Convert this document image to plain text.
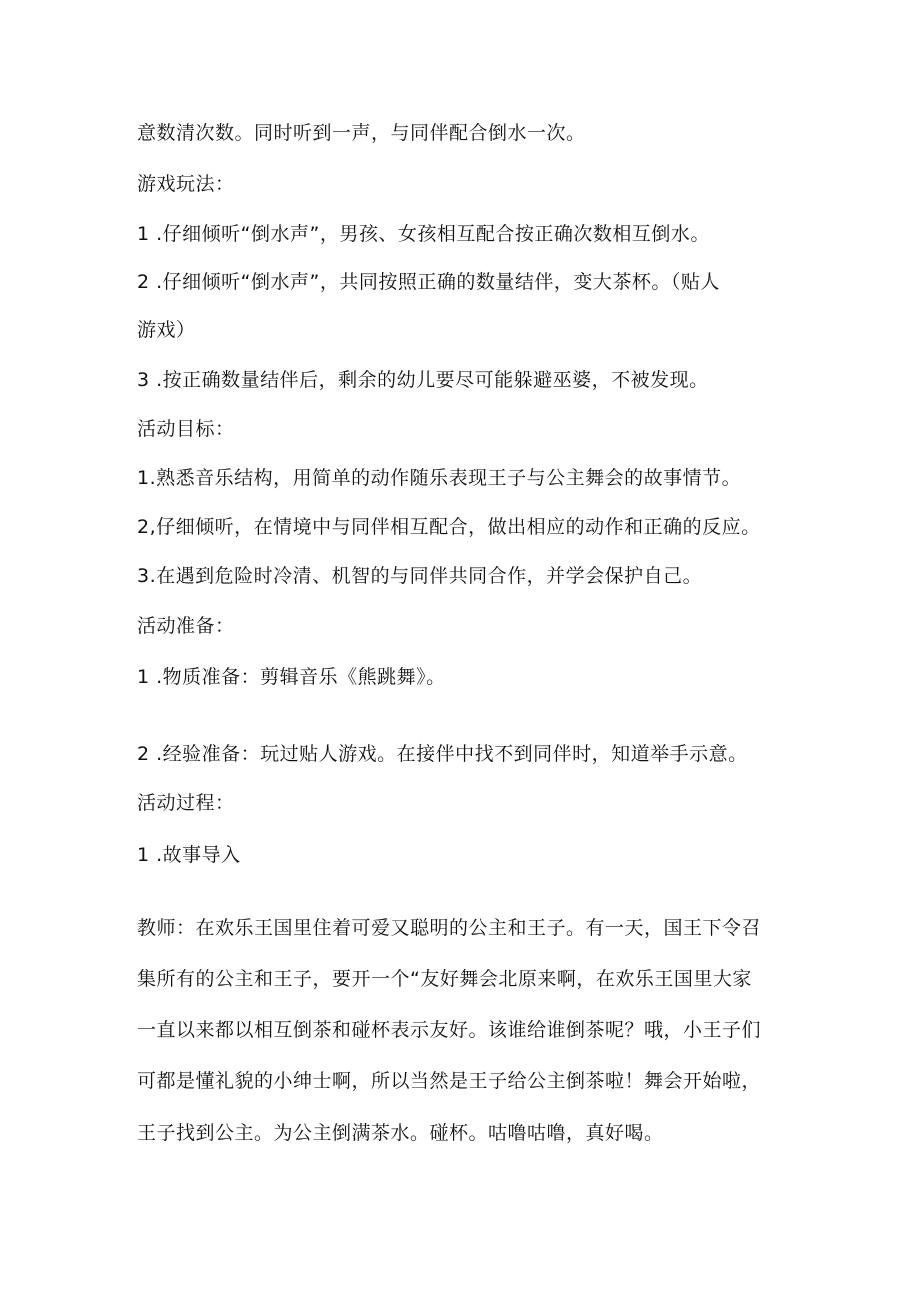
意数清次数。同时听到一声，与同伴配合倒水一次。
游戏玩法：
1 .仔细倾听“倒水声”，男孩、女孩相互配合按正确次数相互倒水。
2 .仔细倾听“倒水声”，共同按照正确的数量结伴，变大茶杯。（贴人
游戏）
3 .按正确数量结伴后，剩余的幼儿要尽可能躲避巫婆，不被发现。
活动目标：
1.熟悉音乐结构，用简单的动作随乐表现王子与公主舞会的故事情节。
2,仔细倾听，在情境中与同伴相互配合，做出相应的动作和正确的反应。
3.在遇到危险时冷清、机智的与同伴共同合作，并学会保护自己。
活动准备：
1 .物质准备：剪辑音乐《熊跳舞》。
2 .经验准备：玩过贴人游戏。在接伴中找不到同伴时，知道举手示意。
活动过程：
1 .故事导入
教师：在欢乐王国里住着可爱又聪明的公主和王子。有一天，国王下令召
集所有的公主和王子，要开一个“友好舞会北原来啊，在欢乐王国里大家
一直以来都以相互倒茶和碰杯表示友好。该谁给谁倒茶呢？哦，小王子们
可都是懂礼貌的小绅士啊，所以当然是王子给公主倒茶啦！舞会开始啦，
王子找到公主。为公主倒满茶水。碰杯。咕噜咕噜，真好喝。
